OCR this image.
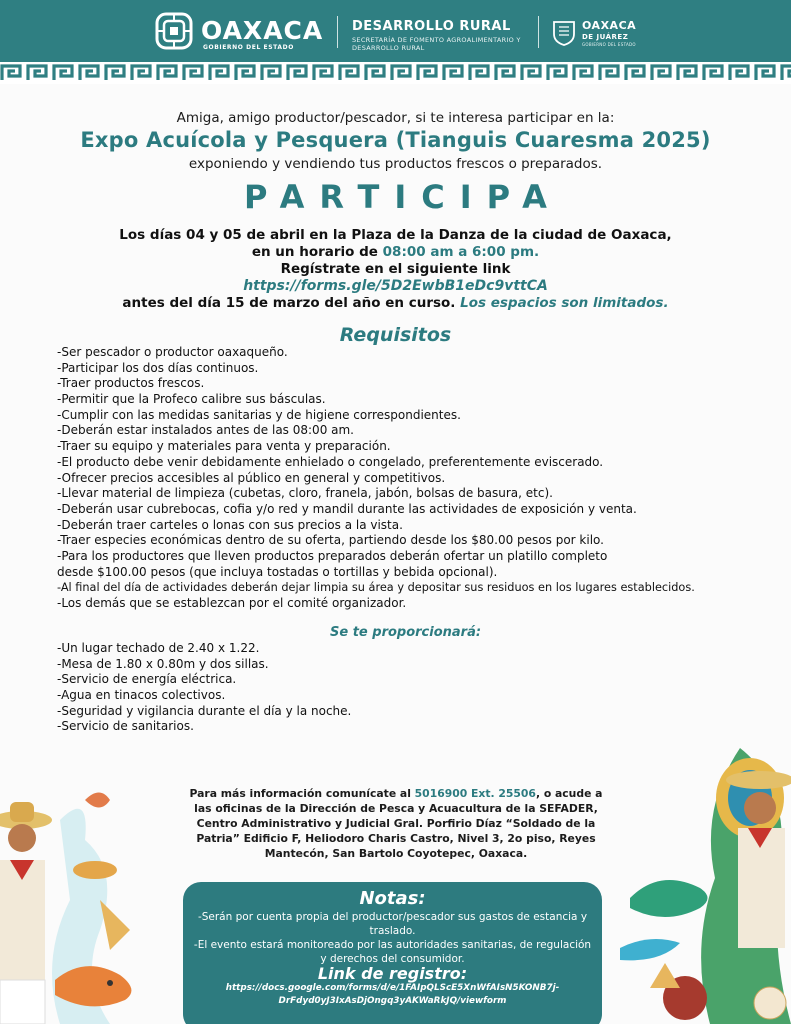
OAXACA
GOBIERNO DEL ESTADO
DESARROLLO RURAL
SECRETARÍA DE FOMENTO AGROALIMENTARIO Y DESARROLLO RURAL
OAXACA
DE JUÁREZ
GOBIERNO DEL ESTADO
Amiga, amigo productor/pescador, si te interesa participar en la:
Expo Acuícola y Pesquera (Tianguis Cuaresma 2025)
exponiendo y vendiendo tus productos frescos o preparados.
PARTICIPA
Los días 04 y 05 de abril en la Plaza de la Danza de la ciudad de Oaxaca,
en un horario de 08:00 am a 6:00 pm.
Regístrate en el siguiente link
https://forms.gle/5D2EwbB1eDc9vttCA
antes del día 15 de marzo del año en curso. Los espacios son limitados.
Requisitos
-Ser pescador o productor oaxaqueño.
-Participar los dos días continuos.
-Traer productos frescos.
-Permitir que la Profeco calibre sus básculas.
-Cumplir con las medidas sanitarias y de higiene correspondientes.
-Deberán estar instalados antes de las 08:00 am.
-Traer su equipo y materiales para venta y preparación.
-El producto debe venir debidamente enhielado o congelado, preferentemente eviscerado.
-Ofrecer precios accesibles al público en general y competitivos.
-Llevar material de limpieza (cubetas, cloro, franela, jabón, bolsas de basura, etc).
-Deberán usar cubrebocas, cofia y/o red y mandil durante las actividades de exposición y venta.
-Deberán traer carteles o lonas con sus precios a la vista.
-Traer especies económicas dentro de su oferta, partiendo desde los $80.00 pesos por kilo.
-Para los productores que lleven productos preparados deberán ofertar un platillo completo
desde $100.00 pesos (que incluya tostadas o tortillas y bebida opcional).
-Al final del día de actividades deberán dejar limpia su área y depositar sus residuos en los lugares establecidos.
-Los demás que se establezcan por el comité organizador.
Se te proporcionará:
-Un lugar techado de 2.40 x 1.22.
-Mesa de 1.80 x 0.80m y dos sillas.
-Servicio de energía eléctrica.
-Agua en tinacos colectivos.
-Seguridad y vigilancia durante el día y la noche.
-Servicio de sanitarios.
Para más información comunícate al 5016900 Ext. 25506, o acude a las oficinas de la Dirección de Pesca y Acuacultura de la SEFADER, Centro Administrativo y Judicial Gral. Porfirio Díaz “Soldado de la Patria” Edificio F, Heliodoro Charis Castro, Nivel 3, 2o piso, Reyes Mantecón, San Bartolo Coyotepec, Oaxaca.
Notas:
-Serán por cuenta propia del productor/pescador sus gastos de estancia y traslado.
-El evento estará monitoreado por las autoridades sanitarias, de regulación y derechos del consumidor.
Link de registro:
https://docs.google.com/forms/d/e/1FAIpQLScE5XnWfAIsN5KONB7j-DrFdyd0yJ3IxAsDjOngq3yAKWaRkJQ/viewform
